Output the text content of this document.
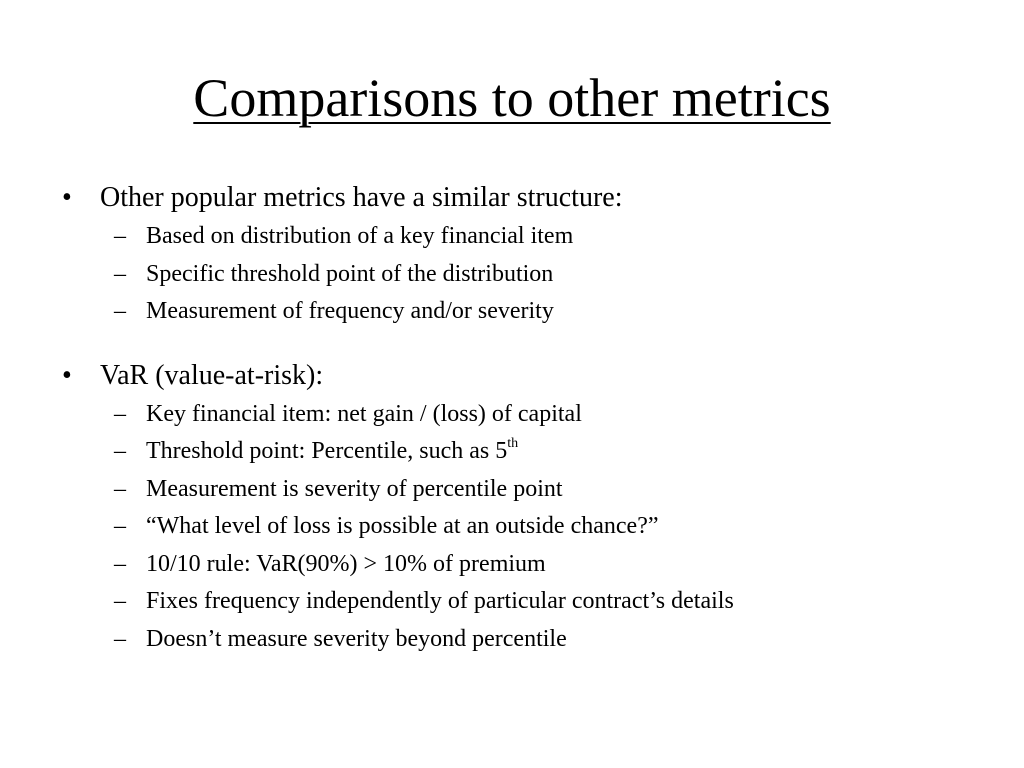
Comparisons to other metrics
•	Other popular metrics have a similar structure:
– Based on distribution of a key financial item
– Specific threshold point of the distribution
– Measurement of frequency and/or severity
•	VaR (value-at-risk):
– Key financial item: net gain / (loss) of capital
– Threshold point: Percentile, such as 5th
– Measurement is severity of percentile point
– “What level of loss is possible at an outside chance?”
– 10/10 rule: VaR(90%) > 10% of premium
– Fixes frequency independently of particular contract’s details
– Doesn’t measure severity beyond percentile
